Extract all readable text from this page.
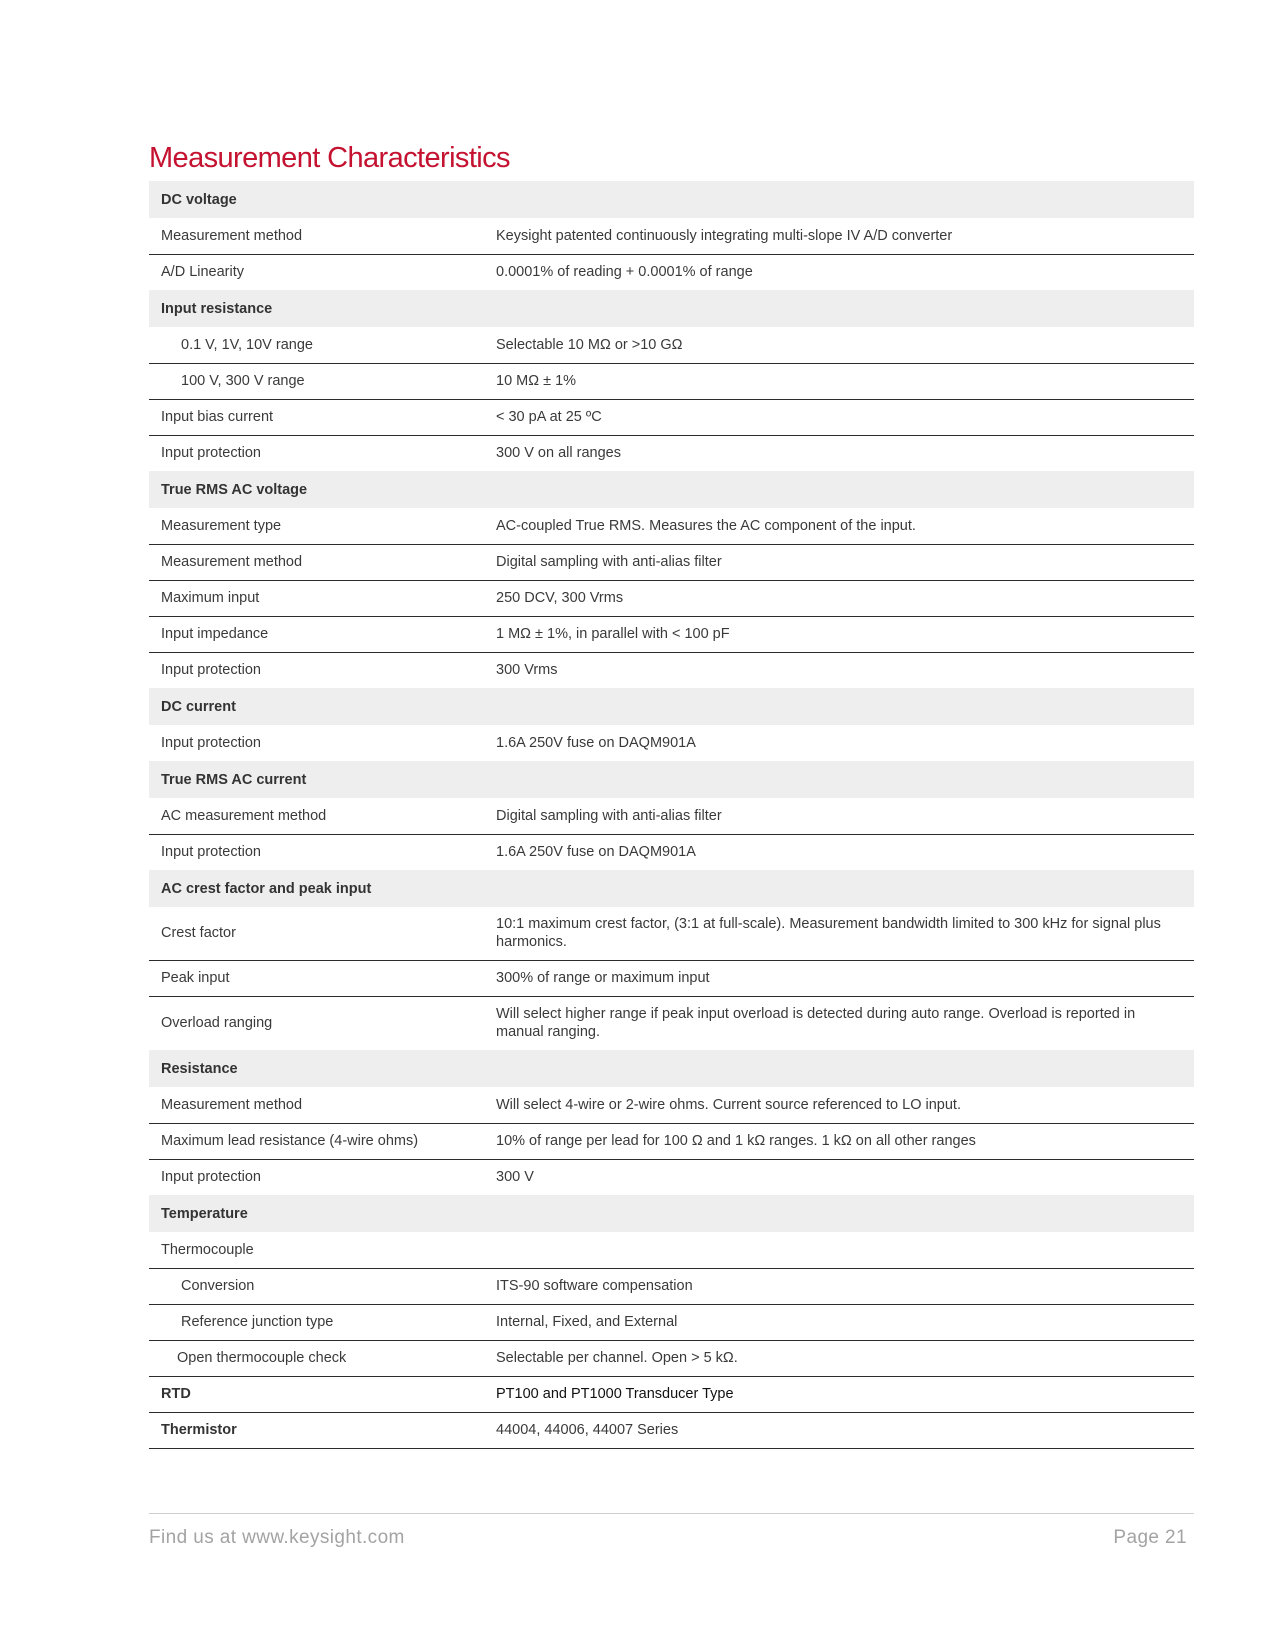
Measurement Characteristics
DC voltage	
Measurement method	Keysight patented continuously integrating multi-slope IV A/D converter
A/D Linearity	0.0001% of reading + 0.0001% of range
Input resistance	
0.1 V, 1V, 10V range	Selectable 10 MΩ or >10 GΩ
100 V, 300 V range	10 MΩ ± 1%
Input bias current	< 30 pA at 25 ºC
Input protection	300 V on all ranges
True RMS AC voltage	
Measurement type	AC-coupled True RMS. Measures the AC component of the input.
Measurement method	Digital sampling with anti-alias filter
Maximum input	250 DCV, 300 Vrms
Input impedance	1 MΩ ± 1%, in parallel with < 100 pF
Input protection	300 Vrms
DC current	
Input protection	1.6A 250V fuse on DAQM901A
True RMS AC current	
AC measurement method	Digital sampling with anti-alias filter
Input protection	1.6A 250V fuse on DAQM901A
AC crest factor and peak input	
Crest factor	10:1 maximum crest factor, (3:1 at full-scale). Measurement bandwidth limited to 300 kHz for signal plus harmonics.
Peak input	300% of range or maximum input
Overload ranging	Will select higher range if peak input overload is detected during auto range. Overload is reported in manual ranging.
Resistance	
Measurement method	Will select 4-wire or 2-wire ohms. Current source referenced to LO input.
Maximum lead resistance (4-wire ohms)	10% of range per lead for 100 Ω and 1 kΩ ranges. 1 kΩ on all other ranges
Input protection	300 V
Temperature	
Thermocouple	
Conversion	ITS-90 software compensation
Reference junction type	Internal, Fixed, and External
Open thermocouple check	Selectable per channel. Open > 5 kΩ.
RTD	PT100 and PT1000 Transducer Type
Thermistor	44004, 44006, 44007 Series
Find us at www.keysight.com	Page 21
